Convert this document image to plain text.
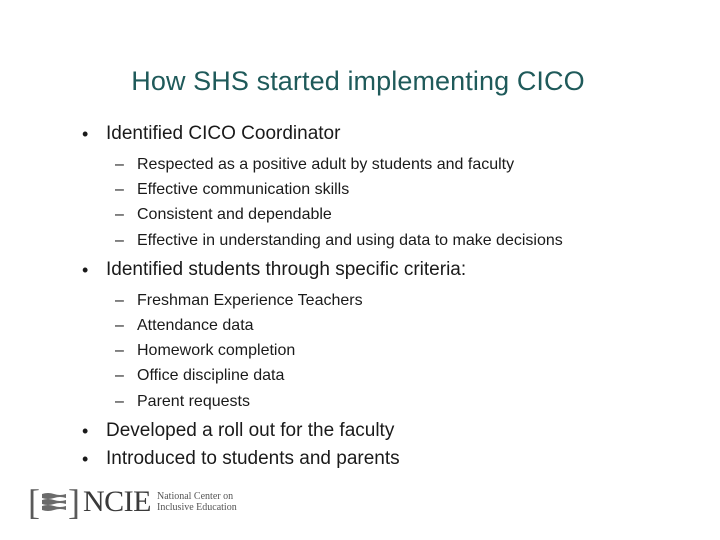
How SHS started implementing CICO
• Identified CICO Coordinator
– Respected as a positive adult by students and faculty
– Effective communication skills
– Consistent and dependable
– Effective in understanding and using data to make decisions
• Identified students through specific criteria:
– Freshman Experience Teachers
– Attendance data
– Homework completion
– Office discipline data
– Parent requests
• Developed a roll out for the faculty
• Introduced to students and parents
[ ] NCIE National Center on
Inclusive Education
